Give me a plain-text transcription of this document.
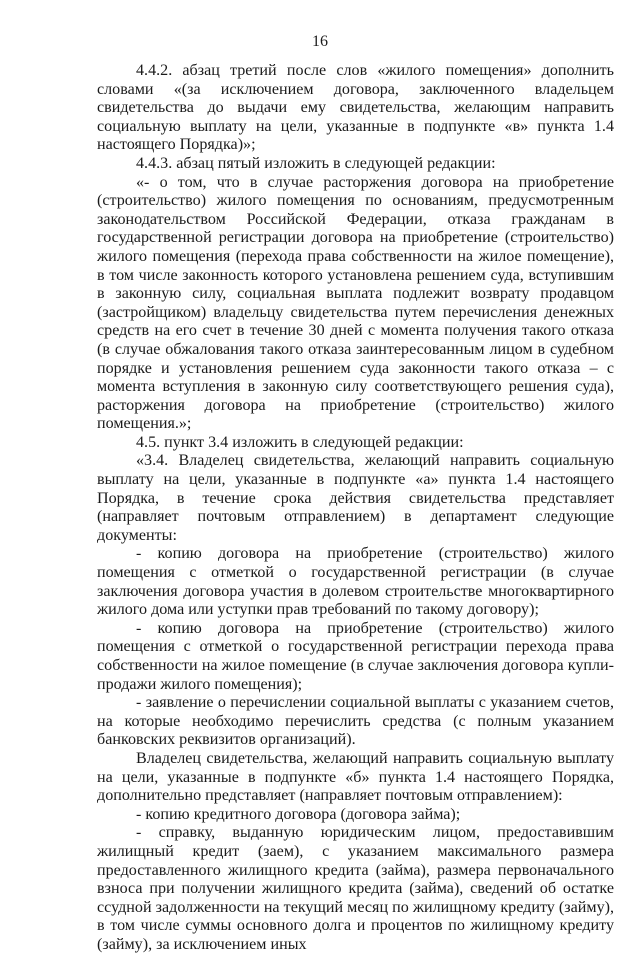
16

4.4.2. абзац третий после слов «жилого помещения» дополнить словами «(за исключением договора, заключенного владельцем свидетельства до выдачи ему свидетельства, желающим направить социальную выплату на цели, указанные в подпункте «в» пункта 1.4 настоящего Порядка)»;

4.4.3. абзац пятый изложить в следующей редакции:

«- о том, что в случае расторжения договора на приобретение (строительство) жилого помещения по основаниям, предусмотренным законодательством Российской Федерации, отказа гражданам в государственной регистрации договора на приобретение (строительство) жилого помещения (перехода права собственности на жилое помещение), в том числе законность которого установлена решением суда, вступившим в законную силу, социальная выплата подлежит возврату продавцом (застройщиком) владельцу свидетельства путем перечисления денежных средств на его счет в течение 30 дней с момента получения такого отказа (в случае обжалования такого отказа заинтересованным лицом в судебном порядке и установления решением суда законности такого отказа – с момента вступления в законную силу соответствующего решения суда), расторжения договора на приобретение (строительство) жилого помещения.»;

4.5. пункт 3.4 изложить в следующей редакции:

«3.4. Владелец свидетельства, желающий направить социальную выплату на цели, указанные в подпункте «а» пункта 1.4 настоящего Порядка, в течение срока действия свидетельства представляет (направляет почтовым отправлением) в департамент следующие документы:

- копию договора на приобретение (строительство) жилого помещения с отметкой о государственной регистрации (в случае заключения договора участия в долевом строительстве многоквартирного жилого дома или уступки прав требований по такому договору);

- копию договора на приобретение (строительство) жилого помещения с отметкой о государственной регистрации перехода права собственности на жилое помещение (в случае заключения договора купли-продажи жилого помещения);

- заявление о перечислении социальной выплаты с указанием счетов, на которые необходимо перечислить средства (с полным указанием банковских реквизитов организаций).

Владелец свидетельства, желающий направить социальную выплату на цели, указанные в подпункте «б» пункта 1.4 настоящего Порядка, дополнительно представляет (направляет почтовым отправлением):

- копию кредитного договора (договора займа);

- справку, выданную юридическим лицом, предоставившим жилищный кредит (заем), с указанием максимального размера предоставленного жилищного кредита (займа), размера первоначального взноса при получении жилищного кредита (займа), сведений об остатке ссудной задолженности на текущий месяц по жилищному кредиту (займу), в том числе суммы основного долга и процентов по жилищному кредиту (займу), за исключением иных
